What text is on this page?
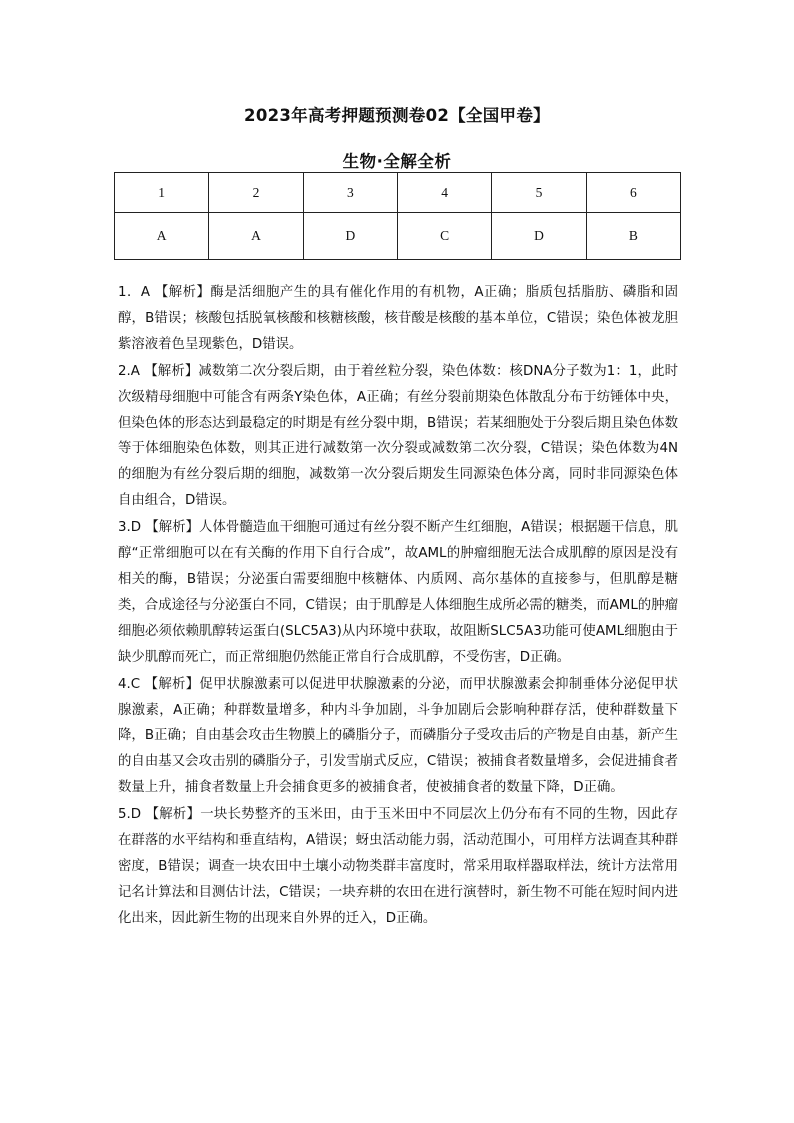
2023年高考押题预测卷02【全国甲卷】
生物·全解全析
1	2	3	4	5	6
A	A	D	C	D	B

1．A 【解析】酶是活细胞产生的具有催化作用的有机物，A正确；脂质包括脂肪、磷脂和固醇，B错误；核酸包括脱氧核酸和核糖核酸，核苷酸是核酸的基本单位，C错误；染色体被龙胆紫溶液着色呈现紫色，D错误。

2.A 【解析】减数第二次分裂后期，由于着丝粒分裂，染色体数：核DNA分子数为1：1，此时次级精母细胞中可能含有两条Y染色体，A正确；有丝分裂前期染色体散乱分布于纺锤体中央，但染色体的形态达到最稳定的时期是有丝分裂中期，B错误；若某细胞处于分裂后期且染色体数等于体细胞染色体数，则其正进行减数第一次分裂或减数第二次分裂，C错误；染色体数为4N的细胞为有丝分裂后期的细胞，减数第一次分裂后期发生同源染色体分离，同时非同源染色体自由组合，D错误。

3.D 【解析】人体骨髓造血干细胞可通过有丝分裂不断产生红细胞，A错误；根据题干信息，肌醇“正常细胞可以在有关酶的作用下自行合成”，故AML的肿瘤细胞无法合成肌醇的原因是没有相关的酶，B错误；分泌蛋白需要细胞中核糖体、内质网、高尔基体的直接参与，但肌醇是糖类，合成途径与分泌蛋白不同，C错误；由于肌醇是人体细胞生成所必需的糖类，而AML的肿瘤细胞必须依赖肌醇转运蛋白(SLC5A3)从内环境中获取，故阻断SLC5A3功能可使AML细胞由于缺少肌醇而死亡，而正常细胞仍然能正常自行合成肌醇，不受伤害，D正确。

4.C 【解析】促甲状腺激素可以促进甲状腺激素的分泌，而甲状腺激素会抑制垂体分泌促甲状腺激素，A正确；种群数量增多，种内斗争加剧，斗争加剧后会影响种群存活，使种群数量下降，B正确；自由基会攻击生物膜上的磷脂分子，而磷脂分子受攻击后的产物是自由基，新产生的自由基又会攻击别的磷脂分子，引发雪崩式反应，C错误；被捕食者数量增多，会促进捕食者数量上升，捕食者数量上升会捕食更多的被捕食者，使被捕食者的数量下降，D正确。

5.D 【解析】一块长势整齐的玉米田，由于玉米田中不同层次上仍分布有不同的生物，因此存在群落的水平结构和垂直结构，A错误；蚜虫活动能力弱，活动范围小，可用样方法调查其种群密度，B错误；调查一块农田中土壤小动物类群丰富度时，常采用取样器取样法，统计方法常用记名计算法和目测估计法，C错误；一块弃耕的农田在进行演替时，新生物不可能在短时间内进化出来，因此新生物的出现来自外界的迁入，D正确。
